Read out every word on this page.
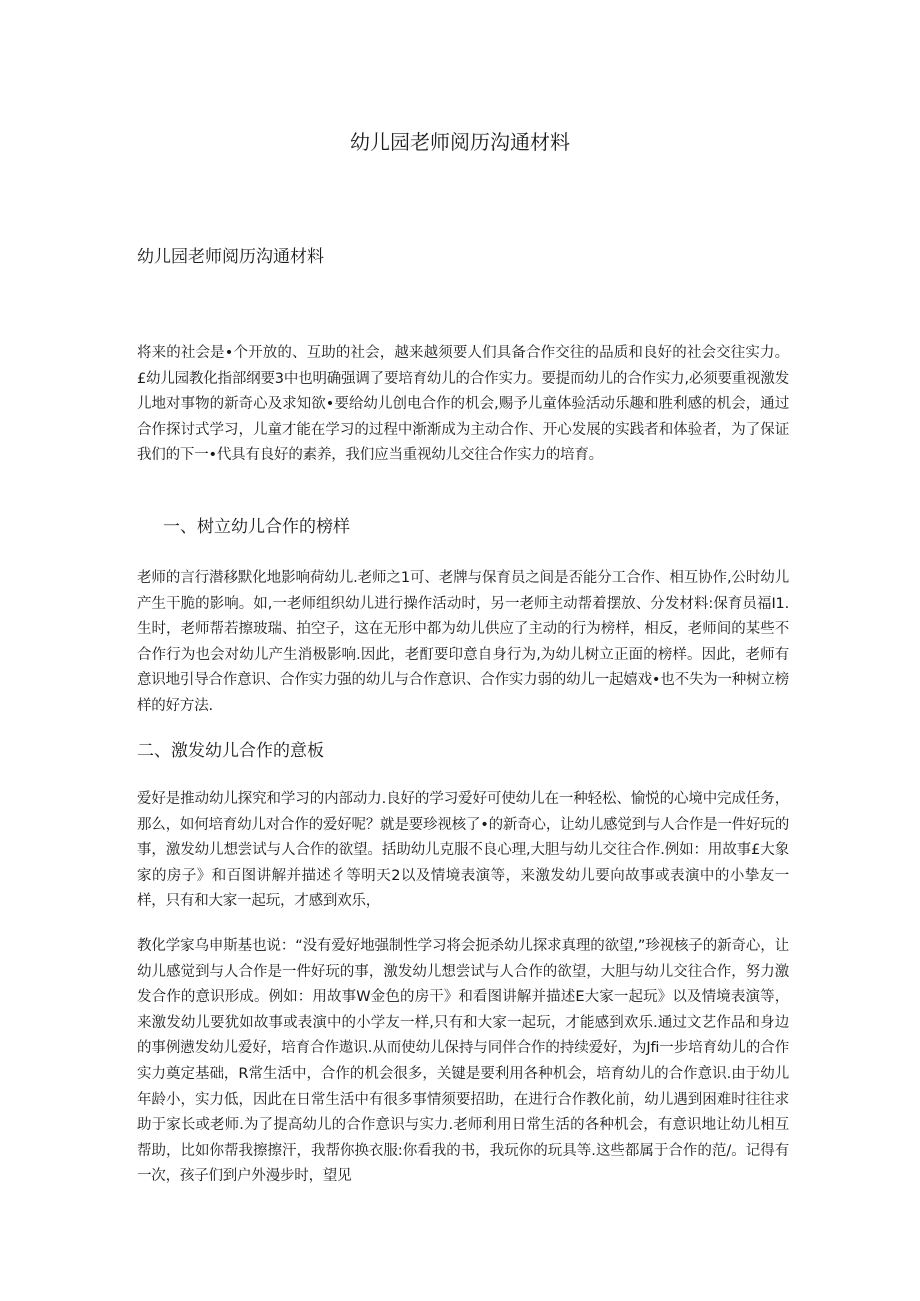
幼儿园老师阅历沟通材料
幼儿园老师阅历沟通材料

将来的社会是•个开放的、互助的社会，越来越须要人们具备合作交往的品质和良好的社会交往实力。£幼儿园教化指部纲要3中也明确强调了要培育幼儿的合作实力。要提而幼儿的合作实力,必须要重视激发儿地对事物的新奇心及求知欲•要给幼儿创电合作的机会,赐予儿童体验活动乐趣和胜利感的机会，通过合作探讨式学习，儿童才能在学习的过程中渐渐成为主动合作、开心发展的实践者和体验者，为了保证我们的下一•代具有良好的素养，我们应当重视幼儿交往合作实力的培育。

一、树立幼儿合作的榜样

老师的言行潜移默化地影响荷幼儿.老师之1可、老牌与保育员之间是否能分工合作、相互协作,公时幼儿产生干脆的影响。如,一老师组织幼儿进行操作活动时，另一老师主动帮着摆放、分发材料:保育员福I1.生时，老师帮若擦玻瑞、拍空子，这在无形中都为幼儿供应了主动的行为榜样，相反，老师间的某些不合作行为也会对幼儿产生消极影响.因此，老酊要印意自身行为,为幼儿树立正面的榜样。因此，老师有意识地引导合作意识、合作实力强的幼儿与合作意识、合作实力弱的幼儿一起嬉戏•也不失为一种树立榜样的好方法.

二、激发幼儿合作的意板

爱好是推动幼儿探究和学习的内部动力.良好的学习爱好可使幼儿在一种轻松、愉悦的心境中完成任务，那么，如何培育幼儿对合作的爱好呢？就是要珍视核了•的新奇心，让幼儿感觉到与人合作是一件好玩的事，激发幼儿想尝试与人合作的欲望。括助幼儿克服不良心理,大胆与幼儿交往合作.例如：用故事£大象家的房子》和百图讲解并描述彳等明天2以及情境表演等，来激发幼儿要向故事或表演中的小挚友一样，只有和大家一起玩，才感到欢乐，

教化学家乌申斯基也说：“没有爱好地强制性学习将会扼杀幼儿探求真理的欲望,”珍视核子的新奇心，让幼儿感觉到与人合作是一件好玩的事，激发幼儿想尝试与人合作的欲望，大胆与幼儿交往合作，努力激发合作的意识形成。例如：用故事W金色的房干》和看图讲解并描述E大家一起玩》以及情境表演等，来激发幼儿要犹如故事或表演中的小学友一样,只有和大家一起玩，才能感到欢乐.通过文艺作品和身边的事例懑发幼儿爱好，培育合作遨识.从而使幼儿保持与同伴合作的持续爱好，为Jfi一步培育幼儿的合作实力奠定基础，R常生活中，合作的机会很多，关键是要利用各种机会，培育幼儿的合作意识.由于幼儿年龄小，实力低，因此在日常生活中有很多事情须要招助，在进行合作教化前，幼儿遇到困难时往往求助于家长或老师.为了提高幼儿的合作意识与实力.老师利用日常生活的各种机会，有意识地让幼儿相互帮助，比如你帮我擦擦汗，我帮你换衣服:你看我的书，我玩你的玩具等.这些都属于合作的范/。记得有一次，孩子们到户外漫步时，望见
